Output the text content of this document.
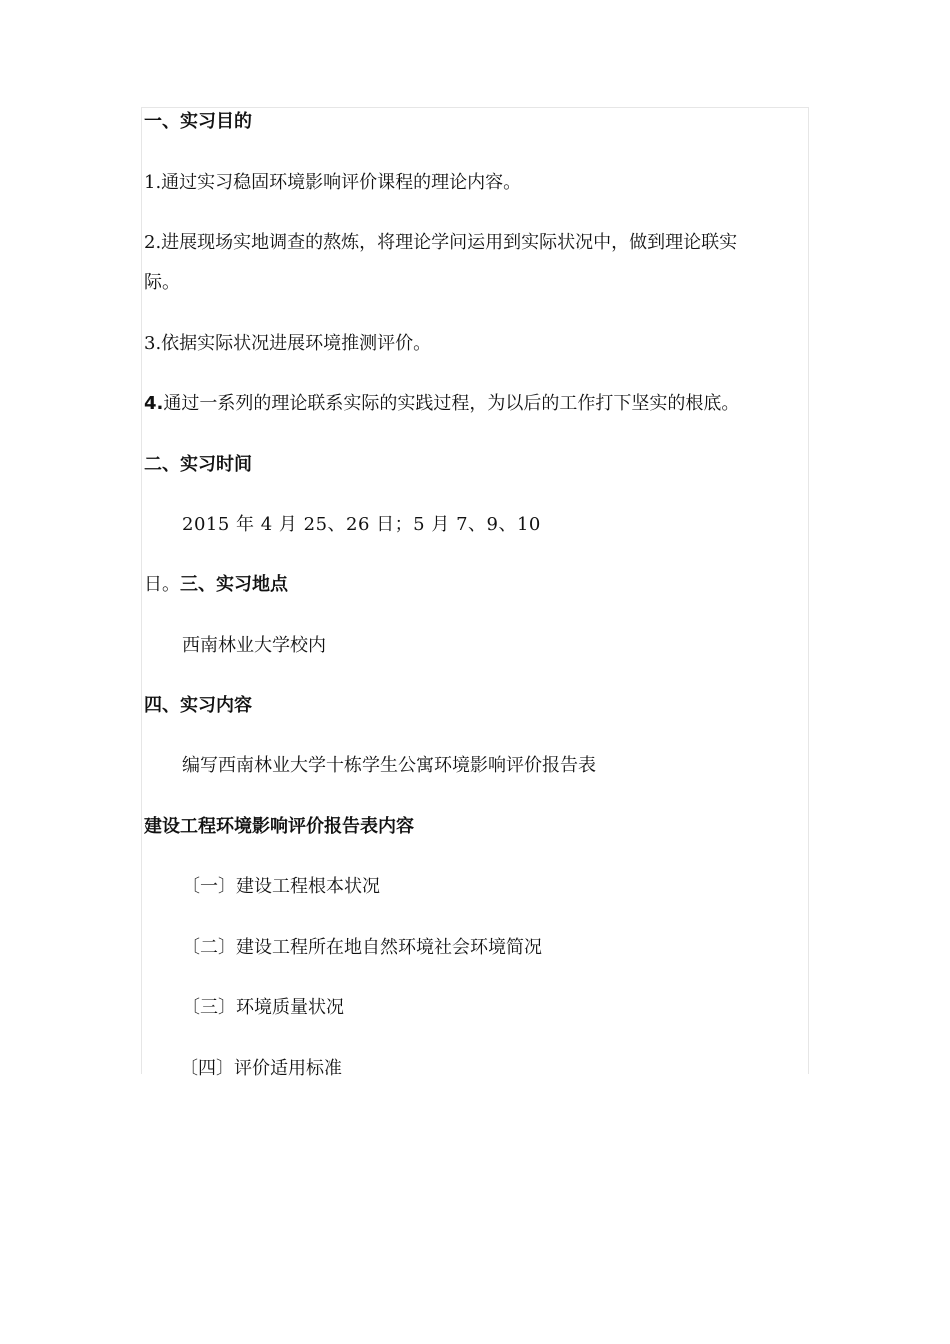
一、实习目的
1.通过实习稳固环境影响评价课程的理论内容。
2.进展现场实地调查的熬炼，将理论学问运用到实际状况中，做到理论联实
际。
3.依据实际状况进展环境推测评价。
4.通过一系列的理论联系实际的实践过程，为以后的工作打下坚实的根底。
二、实习时间
2015 年 4 月 25、26 日；5 月 7、9、10
日。三、实习地点
西南林业大学校内
四、实习内容
编写西南林业大学十栋学生公寓环境影响评价报告表
建设工程环境影响评价报告表内容
〔一〕建设工程根本状况
〔二〕建设工程所在地自然环境社会环境简况
〔三〕环境质量状况
〔四〕评价适用标准
